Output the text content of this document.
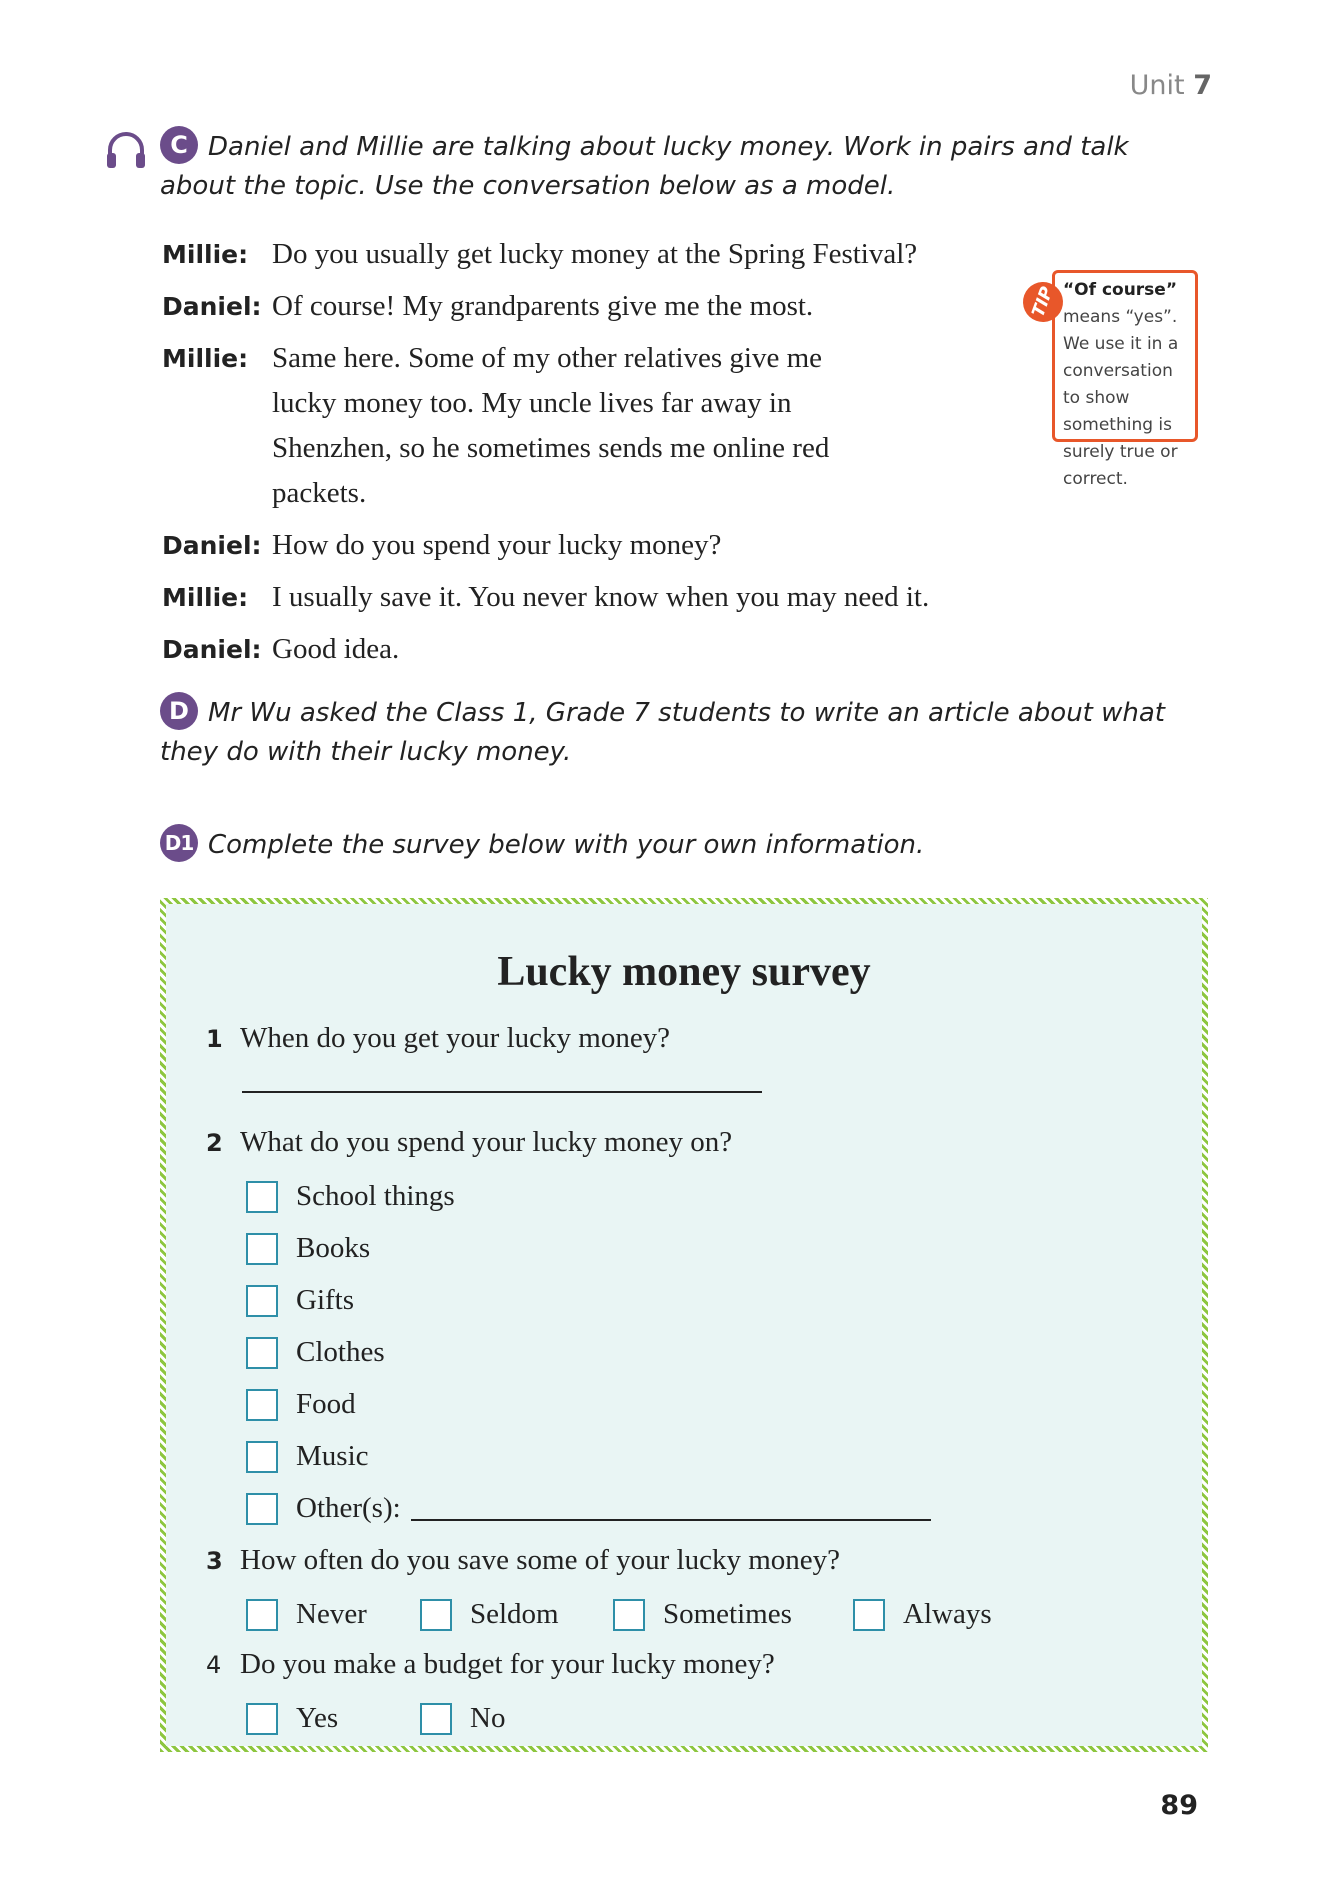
Unit 7
C Daniel and Millie are talking about lucky money. Work in pairs and talk about the topic. Use the conversation below as a model.
Millie: Do you usually get lucky money at the Spring Festival?
Daniel: Of course! My grandparents give me the most.
Millie: Same here. Some of my other relatives give me lucky money too. My uncle lives far away in Shenzhen, so he sometimes sends me online red packets.
Daniel: How do you spend your lucky money?
Millie: I usually save it. You never know when you may need it.
Daniel: Good idea.
TIP “Of course” means “yes”. We use it in a conversation to show something is surely true or correct.
D Mr Wu asked the Class 1, Grade 7 students to write an article about what they do with their lucky money.
D1 Complete the survey below with your own information.
Lucky money survey
1 When do you get your lucky money?
2 What do you spend your lucky money on?
School things
Books
Gifts
Clothes
Food
Music
Other(s):
3 How often do you save some of your lucky money?
Never	Seldom	Sometimes	Always
4 Do you make a budget for your lucky money?
Yes	No
89
